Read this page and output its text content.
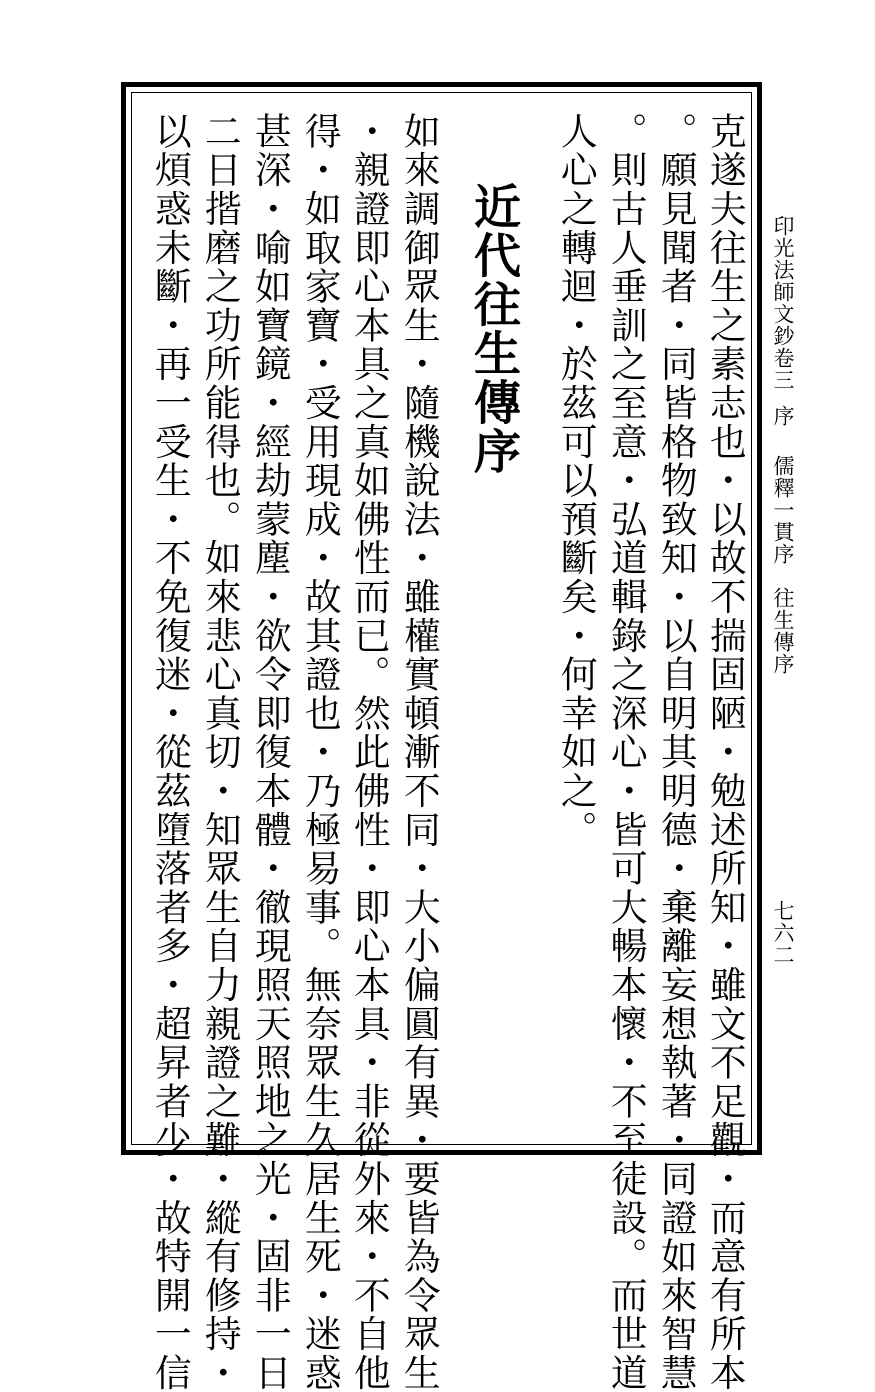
印光法師文鈔卷三
序
儒釋一貫序　往生傳序
七六二
克遂夫往生之素志也・以故不揣固陋・勉述所知・雖文不足觀・而意有所本
。願見聞者・同皆格物致知・以自明其明德・棄離妄想執著・同證如來智慧
。則古人垂訓之至意・弘道輯錄之深心・皆可大暢本懷・不至徒設。而世道
人心之轉迴・於茲可以預斷矣・何幸如之。
近代往生傳序
如來調御眾生・隨機說法・雖權實頓漸不同・大小偏圓有異・要皆為令眾生
・親證即心本具之真如佛性而已。然此佛性・即心本具・非從外來・不自他
得・如取家寶・受用現成・故其證也・乃極易事。無奈眾生久居生死・迷惑
甚深・喻如寶鏡・經劫蒙塵・欲令即復本體・徹現照天照地之光・固非一日
二日揩磨之功所能得也。如來悲心真切・知眾生自力親證之難・縱有修持・
以煩惑未斷・再一受生・不免復迷・從茲墮落者多・超昇者少・故特開一信
